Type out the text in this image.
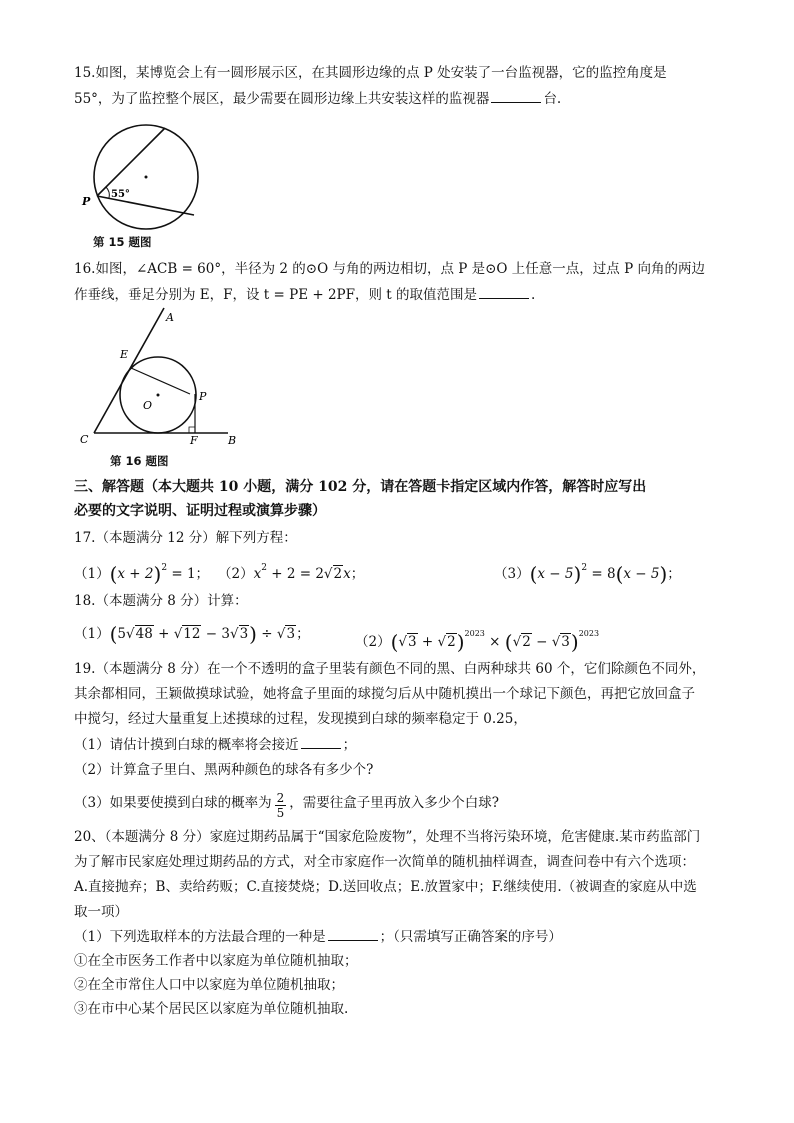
15.如图，某博览会上有一圆形展示区，在其圆形边缘的点 P 处安装了一台监视器，它的监控角度是
55°，为了监控整个展区，最少需要在圆形边缘上共安装这样的监视器	台.
55°
P
第 15 题图
16.如图，∠ACB = 60°，半径为 2 的⊙O 与角的两边相切，点 P 是⊙O 上任意一点，过点 P 向角的两边
作垂线，垂足分别为 E，F，设 t = PE + 2PF，则 t 的取值范围是	.
A
E
P
O
C	F	B
第 16 题图
三、解答题（本大题共 10 小题，满分 102 分，请在答题卡指定区域内作答，解答时应写出
必要的文字说明、证明过程或演算步骤）
17.（本题满分 12 分）解下列方程：
$(1)(x + 2)^2 = 1$； $(2)x^2 + 2 = 2√2x$；	$(3)(x - 5)^2 = 8(x - 5)$；
18.（本题满分 8 分）计算：
（1）(5√48 + √12 − 3√3) ÷ √3；	$(2)(√3 + √2)^{2023} \times (√2 - √3)^{2023}$
19.（本题满分 8 分）在一个不透明的盒子里装有颜色不同的黑、白两种球共 60 个，它们除颜色不同外，
其余都相同，王颖做摸球试验，她将盒子里面的球搅匀后从中随机摸出一个球记下颜色，再把它放回盒子
中搅匀，经过大量重复上述摸球的过程，发现摸到白球的频率稳定于 0.25，
（1）请估计摸到白球的概率将会接近	；
（2）计算盒子里白、黑两种颜色的球各有多少个?
（3）如果要使摸到白球的概率为 $\frac{2}{5}$ ，需要往盒子里再放入多少个白球?
20、（本题满分 8 分）家庭过期药品属于“国家危险废物”，处理不当将污染环境，危害健康.某市药监部门
为了解市民家庭处理过期药品的方式，对全市家庭作一次简单的随机抽样调查，调查问卷中有六个选项：
A.直接抛弃；B、卖给药贩；C.直接焚烧；D.送回收点；E.放置家中；F.继续使用.（被调查的家庭从中选
取一项）
（1）下列选取样本的方法最合理的一种是	；（只需填写正确答案的序号）
①在全市医务工作者中以家庭为单位随机抽取；
②在全市常住人口中以家庭为单位随机抽取；
③在市中心某个居民区以家庭为单位随机抽取.
